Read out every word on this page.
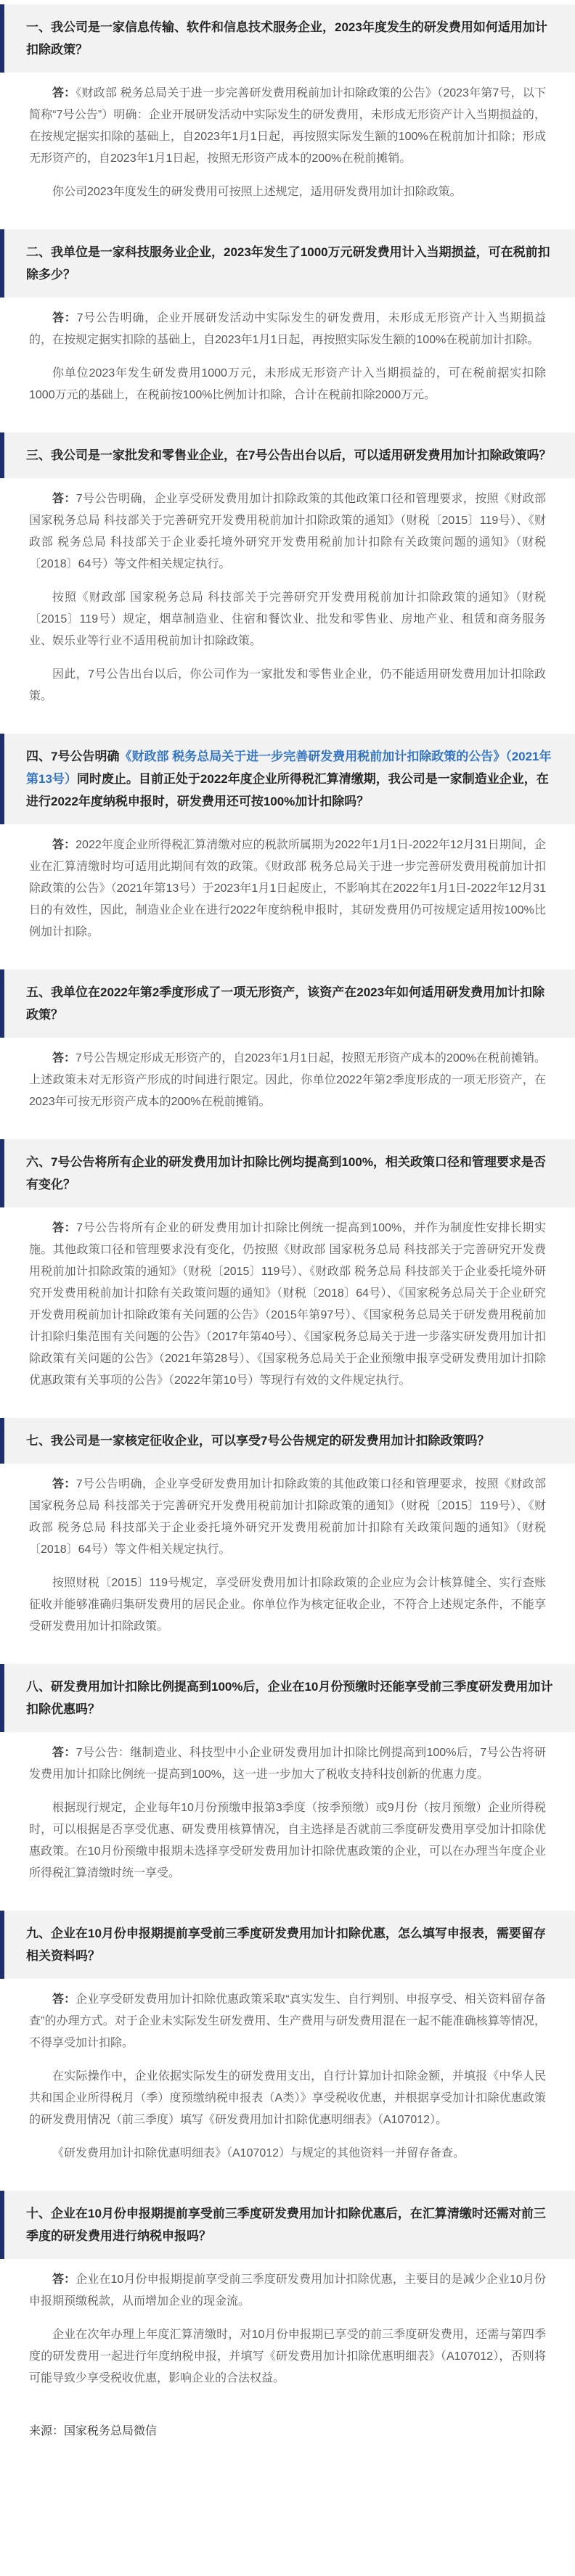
一、我公司是一家信息传输、软件和信息技术服务企业，2023年度发生的研发费用如何适用加计扣除政策？

答：《财政部 税务总局关于进一步完善研发费用税前加计扣除政策的公告》（2023年第7号，以下简称“7号公告”）明确：企业开展研发活动中实际发生的研发费用，未形成无形资产计入当期损益的，在按规定据实扣除的基础上，自2023年1月1日起，再按照实际发生额的100%在税前加计扣除；形成无形资产的，自2023年1月1日起，按照无形资产成本的200%在税前摊销。

你公司2023年度发生的研发费用可按照上述规定，适用研发费用加计扣除政策。

二、我单位是一家科技服务业企业，2023年发生了1000万元研发费用计入当期损益，可在税前扣除多少？

答：7号公告明确，企业开展研发活动中实际发生的研发费用，未形成无形资产计入当期损益的，在按规定据实扣除的基础上，自2023年1月1日起，再按照实际发生额的100%在税前加计扣除。

你单位2023年发生研发费用1000万元，未形成无形资产计入当期损益的，可在税前据实扣除1000万元的基础上，在税前按100%比例加计扣除，合计在税前扣除2000万元。

三、我公司是一家批发和零售业企业，在7号公告出台以后，可以适用研发费用加计扣除政策吗？

答：7号公告明确，企业享受研发费用加计扣除政策的其他政策口径和管理要求，按照《财政部 国家税务总局 科技部关于完善研究开发费用税前加计扣除政策的通知》（财税〔2015〕119号）、《财政部 税务总局 科技部关于企业委托境外研究开发费用税前加计扣除有关政策问题的通知》（财税〔2018〕64号）等文件相关规定执行。

按照《财政部 国家税务总局 科技部关于完善研究开发费用税前加计扣除政策的通知》（财税〔2015〕119号）规定，烟草制造业、住宿和餐饮业、批发和零售业、房地产业、租赁和商务服务业、娱乐业等行业不适用税前加计扣除政策。

因此，7号公告出台以后，你公司作为一家批发和零售业企业，仍不能适用研发费用加计扣除政策。

四、7号公告明确《财政部 税务总局关于进一步完善研发费用税前加计扣除政策的公告》（2021年第13号）同时废止。目前正处于2022年度企业所得税汇算清缴期，我公司是一家制造业企业，在进行2022年度纳税申报时，研发费用还可按100%加计扣除吗？

答：2022年度企业所得税汇算清缴对应的税款所属期为2022年1月1日-2022年12月31日期间，企业在汇算清缴时均可适用此期间有效的政策。《财政部 税务总局关于进一步完善研发费用税前加计扣除政策的公告》（2021年第13号）于2023年1月1日起废止，不影响其在2022年1月1日-2022年12月31日的有效性，因此，制造业企业在进行2022年度纳税申报时，其研发费用仍可按规定适用按100%比例加计扣除。

五、我单位在2022年第2季度形成了一项无形资产，该资产在2023年如何适用研发费用加计扣除政策？

答：7号公告规定形成无形资产的，自2023年1月1日起，按照无形资产成本的200%在税前摊销。上述政策未对无形资产形成的时间进行限定。因此，你单位2022年第2季度形成的一项无形资产，在2023年可按无形资产成本的200%在税前摊销。

六、7号公告将所有企业的研发费用加计扣除比例均提高到100%，相关政策口径和管理要求是否有变化？

答：7号公告将所有企业的研发费用加计扣除比例统一提高到100%，并作为制度性安排长期实施。其他政策口径和管理要求没有变化，仍按照《财政部 国家税务总局 科技部关于完善研究开发费用税前加计扣除政策的通知》（财税〔2015〕119号）、《财政部 税务总局 科技部关于企业委托境外研究开发费用税前加计扣除有关政策问题的通知》（财税〔2018〕64号）、《国家税务总局关于企业研究开发费用税前加计扣除政策有关问题的公告》（2015年第97号）、《国家税务总局关于研发费用税前加计扣除归集范围有关问题的公告》（2017年第40号）、《国家税务总局关于进一步落实研发费用加计扣除政策有关问题的公告》（2021年第28号）、《国家税务总局关于企业预缴申报享受研发费用加计扣除优惠政策有关事项的公告》（2022年第10号）等现行有效的文件规定执行。

七、我公司是一家核定征收企业，可以享受7号公告规定的研发费用加计扣除政策吗？

答：7号公告明确，企业享受研发费用加计扣除政策的其他政策口径和管理要求，按照《财政部 国家税务总局 科技部关于完善研究开发费用税前加计扣除政策的通知》（财税〔2015〕119号）、《财政部 税务总局 科技部关于企业委托境外研究开发费用税前加计扣除有关政策问题的通知》（财税〔2018〕64号）等文件相关规定执行。

按照财税〔2015〕119号规定，享受研发费用加计扣除政策的企业应为会计核算健全、实行查账征收并能够准确归集研发费用的居民企业。你单位作为核定征收企业，不符合上述规定条件，不能享受研发费用加计扣除政策。

八、研发费用加计扣除比例提高到100%后，企业在10月份预缴时还能享受前三季度研发费用加计扣除优惠吗？

答：7号公告：继制造业、科技型中小企业研发费用加计扣除比例提高到100%后，7号公告将研发费用加计扣除比例统一提高到100%，这一进一步加大了税收支持科技创新的优惠力度。

根据现行规定，企业每年10月份预缴申报第3季度（按季预缴）或9月份（按月预缴）企业所得税时，可以根据是否享受优惠、研发费用核算情况，自主选择是否就前三季度研发费用享受加计扣除优惠政策。在10月份预缴申报期未选择享受研发费用加计扣除优惠政策的企业，可以在办理当年度企业所得税汇算清缴时统一享受。

九、企业在10月份申报期提前享受前三季度研发费用加计扣除优惠，怎么填写申报表，需要留存相关资料吗？

答：企业享受研发费用加计扣除优惠政策采取“真实发生、自行判别、申报享受、相关资料留存备查”的办理方式。对于企业未实际发生研发费用、生产费用与研发费用混在一起不能准确核算等情况，不得享受加计扣除。

在实际操作中，企业依据实际发生的研发费用支出，自行计算加计扣除金额，并填报《中华人民共和国企业所得税月（季）度预缴纳税申报表（A类）》享受税收优惠，并根据享受加计扣除优惠政策的研发费用情况（前三季度）填写《研发费用加计扣除优惠明细表》（A107012）。

《研发费用加计扣除优惠明细表》（A107012）与规定的其他资料一并留存备查。

十、企业在10月份申报期提前享受前三季度研发费用加计扣除优惠后，在汇算清缴时还需对前三季度的研发费用进行纳税申报吗？

答：企业在10月份申报期提前享受前三季度研发费用加计扣除优惠，主要目的是减少企业10月份申报期预缴税款，从而增加企业的现金流。

企业在次年办理上年度汇算清缴时，对10月份申报期已享受的前三季度研发费用，还需与第四季度的研发费用一起进行年度纳税申报，并填写《研发费用加计扣除优惠明细表》（A107012），否则将可能导致少享受税收优惠，影响企业的合法权益。

来源：国家税务总局微信
